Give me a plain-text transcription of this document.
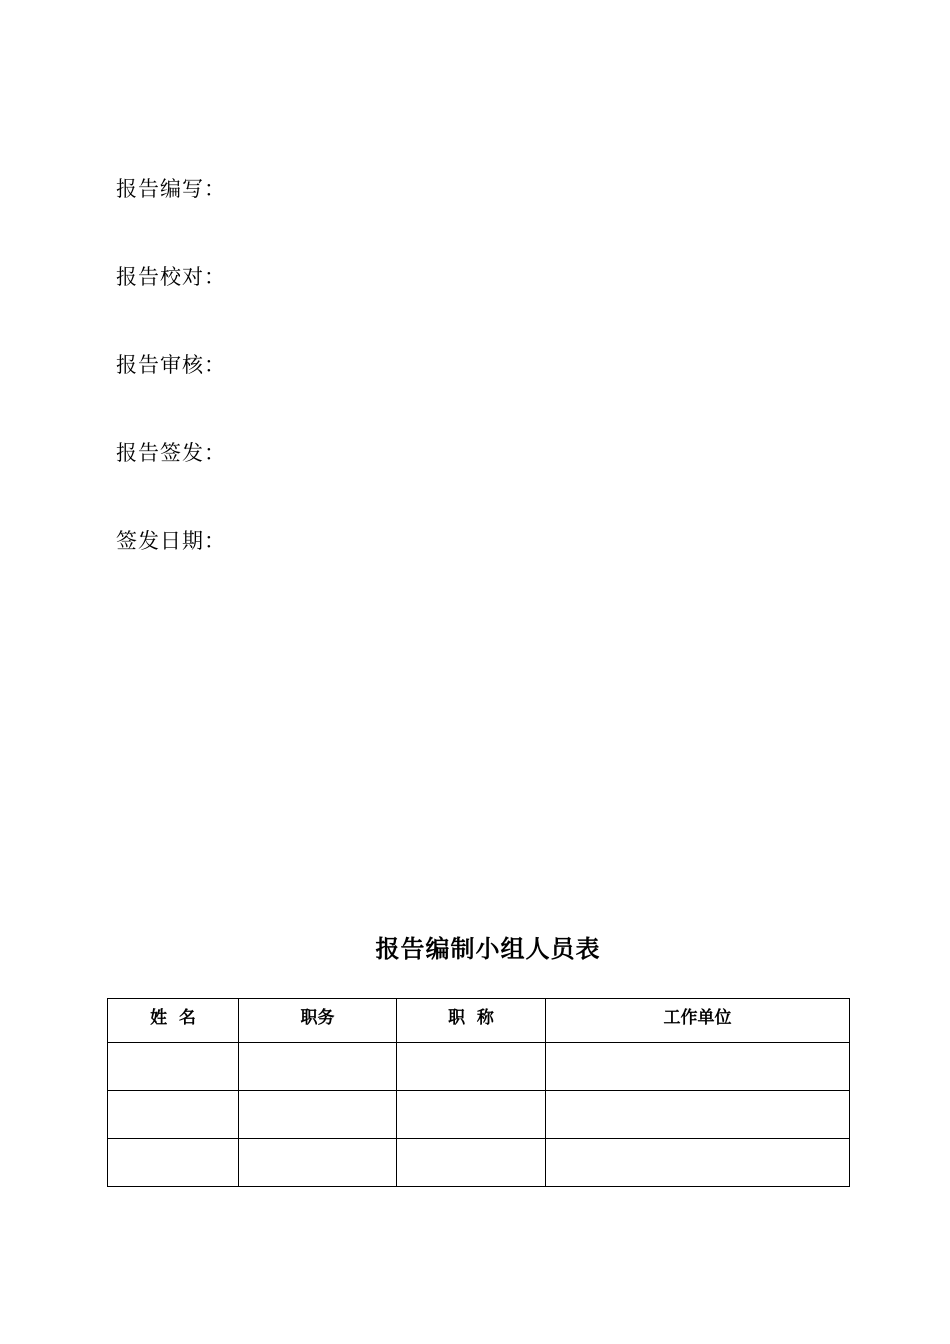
报告编写：
报告校对：
报告审核：
报告签发：
签发日期：
报告编制小组人员表
姓  名	职务	职  称	工作单位
